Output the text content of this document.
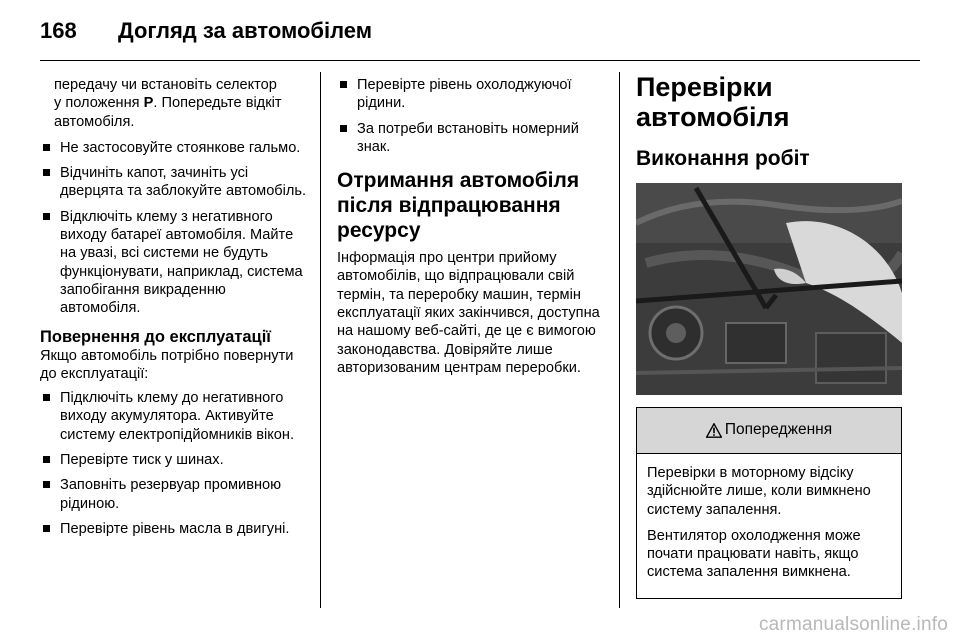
168 Догляд за автомобілем

передачу чи встановіть селектор
у положення P. Попередьте відкіт
автомобіля.

Не застосовуйте стоянкове гальмо.
Відчиніть капот, зачиніть усі дверцята та заблокуйте автомобіль.
Відключіть клему з негативного виходу батареї автомобіля. Майте на увазі, всі системи не будуть функціонувати, наприклад, система запобігання викраденню автомобіля.
Повернення до експлуатації

Якщо автомобіль потрібно повернути до експлуатації:

Підключіть клему до негативного виходу акумулятора. Активуйте систему електропідйомників вікон.
Перевірте тиск у шинах.
Заповніть резервуар промивною рідиною.
Перевірте рівень масла в двигуні.
Перевірте рівень охолоджуючої рідини.
За потреби встановіть номерний знак.
Отримання автомобіля після відпрацювання ресурсу

Інформація про центри прийому автомобілів, що відпрацювали свій термін, та переробку машин, термін експлуатації яких закінчився, доступна на нашому веб-сайті, де це є вимогою законодавства. Довіряйте лише авторизованим центрам переробки.

Перевірки автомобіля
Виконання робіт
Попередження

Перевірки в моторному відсіку здійснюйте лише, коли вимкнено систему запалення.

Вентилятор охолодження може почати працювати навіть, якщо система запалення вимкнена.

carmanualsonline.info
